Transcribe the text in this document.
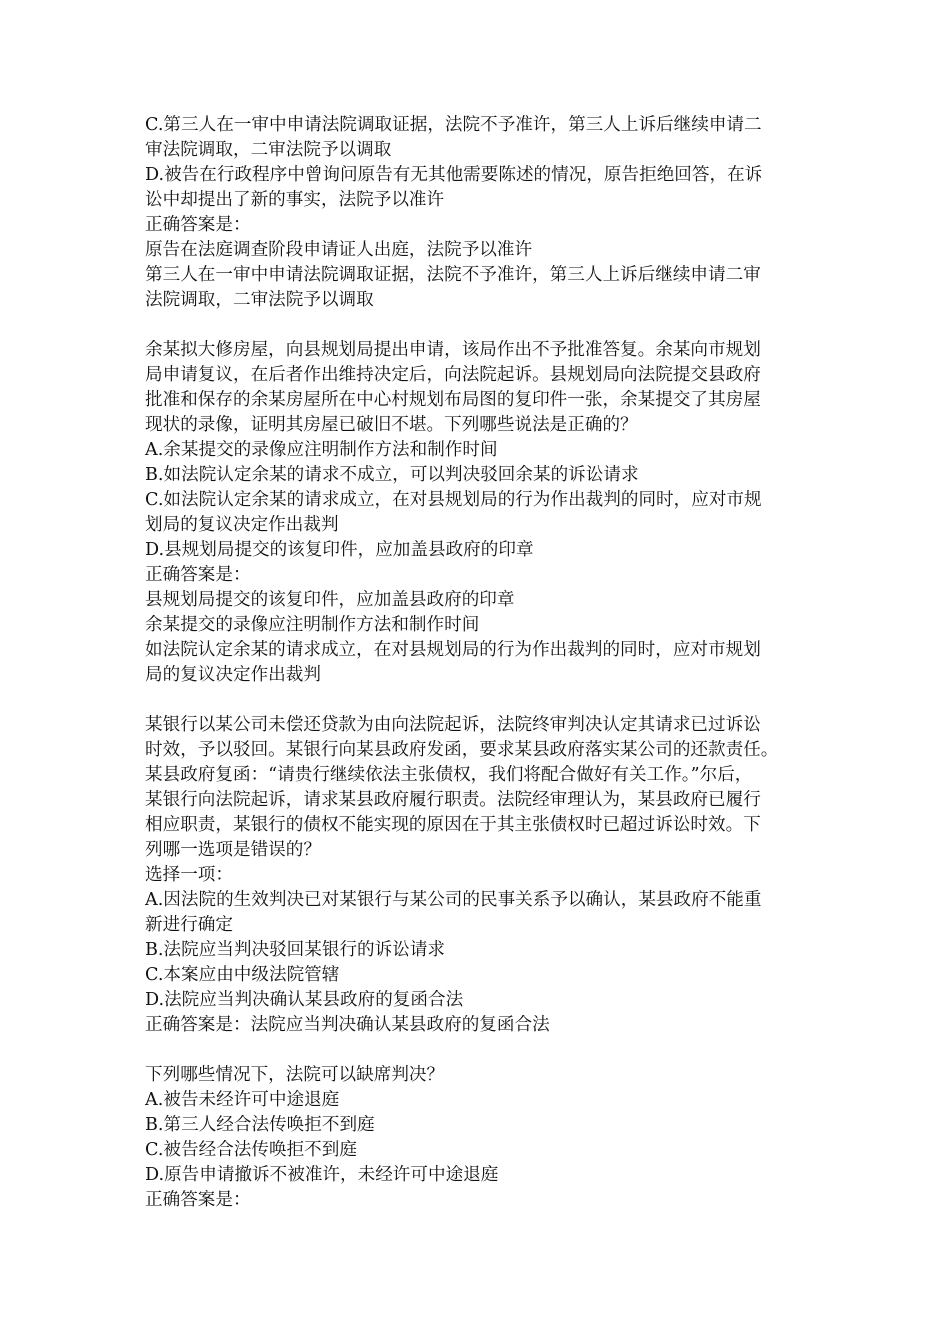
C.第三人在一审中申请法院调取证据，法院不予准许，第三人上诉后继续申请二
审法院调取，二审法院予以调取
D.被告在行政程序中曾询问原告有无其他需要陈述的情况，原告拒绝回答，在诉
讼中却提出了新的事实，法院予以准许
正确答案是：
原告在法庭调查阶段申请证人出庭，法院予以准许
第三人在一审中申请法院调取证据，法院不予准许，第三人上诉后继续申请二审
法院调取，二审法院予以调取
余某拟大修房屋，向县规划局提出申请，该局作出不予批准答复。余某向市规划
局申请复议，在后者作出维持决定后，向法院起诉。县规划局向法院提交县政府
批准和保存的余某房屋所在中心村规划布局图的复印件一张，余某提交了其房屋
现状的录像，证明其房屋已破旧不堪。下列哪些说法是正确的？
A.余某提交的录像应注明制作方法和制作时间
B.如法院认定余某的请求不成立，可以判决驳回余某的诉讼请求
C.如法院认定余某的请求成立，在对县规划局的行为作出裁判的同时，应对市规
划局的复议决定作出裁判
D.县规划局提交的该复印件，应加盖县政府的印章
正确答案是：
县规划局提交的该复印件，应加盖县政府的印章
余某提交的录像应注明制作方法和制作时间
如法院认定余某的请求成立，在对县规划局的行为作出裁判的同时，应对市规划
局的复议决定作出裁判
某银行以某公司未偿还贷款为由向法院起诉，法院终审判决认定其请求已过诉讼
时效，予以驳回。某银行向某县政府发函，要求某县政府落实某公司的还款责任。
某县政府复函：“请贵行继续依法主张债权，我们将配合做好有关工作。”尔后，
某银行向法院起诉，请求某县政府履行职责。法院经审理认为，某县政府已履行
相应职责，某银行的债权不能实现的原因在于其主张债权时已超过诉讼时效。下
列哪一选项是错误的？
选择一项：
A.因法院的生效判决已对某银行与某公司的民事关系予以确认，某县政府不能重
新进行确定
B.法院应当判决驳回某银行的诉讼请求
C.本案应由中级法院管辖
D.法院应当判决确认某县政府的复函合法
正确答案是：法院应当判决确认某县政府的复函合法
下列哪些情况下，法院可以缺席判决？
A.被告未经许可中途退庭
B.第三人经合法传唤拒不到庭
C.被告经合法传唤拒不到庭
D.原告申请撤诉不被准许，未经许可中途退庭
正确答案是：
